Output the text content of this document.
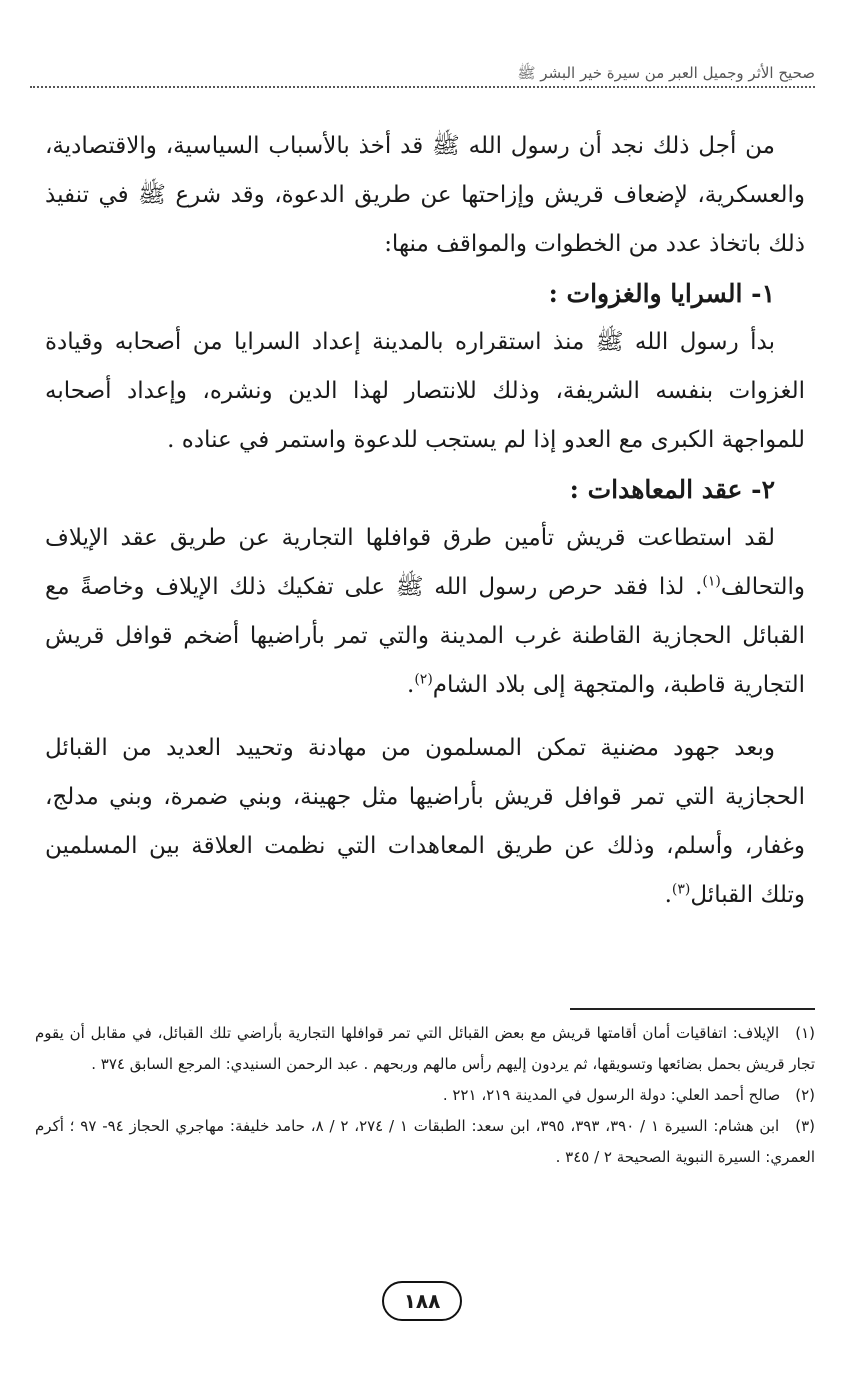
صحيح الأثر وجميل العبر من سيرة خير البشر ﷺ

من أجل ذلك نجد أن رسول الله ﷺ قد أخذ بالأسباب السياسية، والاقتصادية، والعسكرية، لإضعاف قريش وإزاحتها عن طريق الدعوة، وقد شرع ﷺ في تنفيذ ذلك باتخاذ عدد من الخطوات والمواقف منها:

١- السرايا والغزوات :

بدأ رسول الله ﷺ منذ استقراره بالمدينة إعداد السرايا من أصحابه وقيادة الغزوات بنفسه الشريفة، وذلك للانتصار لهذا الدين ونشره، وإعداد أصحابه للمواجهة الكبرى مع العدو إذا لم يستجب للدعوة واستمر في عناده .

٢- عقد المعاهدات :

لقد استطاعت قريش تأمين طرق قوافلها التجارية عن طريق عقد الإيلاف والتحالف$^{(١)}$. لذا فقد حرص رسول الله ﷺ على تفكيك ذلك الإيلاف وخاصةً مع القبائل الحجازية القاطنة غرب المدينة والتي تمر بأراضيها أضخم قوافل قريش التجارية قاطبة، والمتجهة إلى بلاد الشام$^{(٢)}$.

وبعد جهود مضنية تمكن المسلمون من مهادنة وتحييد العديد من القبائل الحجازية التي تمر قوافل قريش بأراضيها مثل جهينة، وبني ضمرة، وبني مدلج، وغفار، وأسلم، وذلك عن طريق المعاهدات التي نظمت العلاقة بين المسلمين وتلك القبائل$^{(٣)}$.

(١) الإيلاف: اتفاقيات أمان أقامتها قريش مع بعض القبائل التي تمر قوافلها التجارية بأراضي تلك القبائل، في مقابل أن يقوم تجار قريش بحمل بضائعها وتسويقها، ثم يردون إليهم رأس مالهم وربحهم . عبد الرحمن السنيدي: المرجع السابق ٣٧٤ .

(٢) صالح أحمد العلي: دولة الرسول في المدينة ٢١٩، ٢٢١ .

(٣) ابن هشام: السيرة ١ / ٣٩٠، ٣٩٣، ٣٩٥، ابن سعد: الطبقات ١ / ٢٧٤، ٢ / ٨، حامد خليفة: مهاجري الحجاز ٩٤- ٩٧ ؛ أكرم العمري: السيرة النبوية الصحيحة ٢ / ٣٤٥ .

١٨٨
